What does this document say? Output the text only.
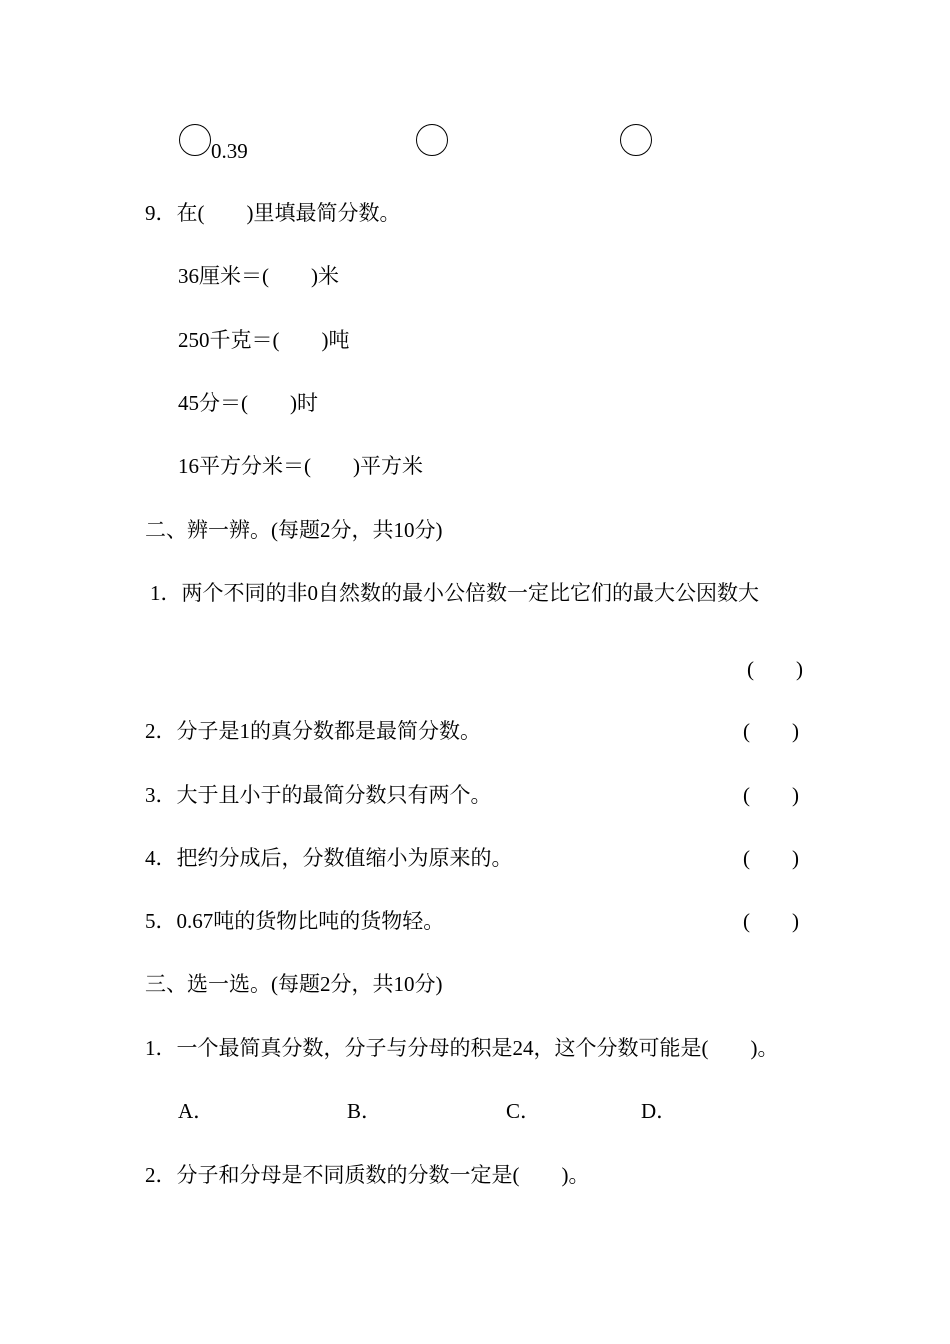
0.39
9．在(　　)里填最简分数。
36厘米＝(　　)米
250千克＝(　　)吨
45分＝(　　)时
16平方分米＝(　　)平方米
二、辨一辨。(每题2分，共10分)
1．两个不同的非0自然数的最小公倍数一定比它们的最大公因数大
(　　)
2．分子是1的真分数都是最简分数。	(　　)
3．大于且小于的最简分数只有两个。	(　　)
4．把约分成后，分数值缩小为原来的。	(　　)
5．0.67吨的货物比吨的货物轻。	(　　)
三、选一选。(每题2分，共10分)
1．一个最简真分数，分子与分母的积是24，这个分数可能是(　　)。
A．	B．	C．	D．
2．分子和分母是不同质数的分数一定是(　　)。
